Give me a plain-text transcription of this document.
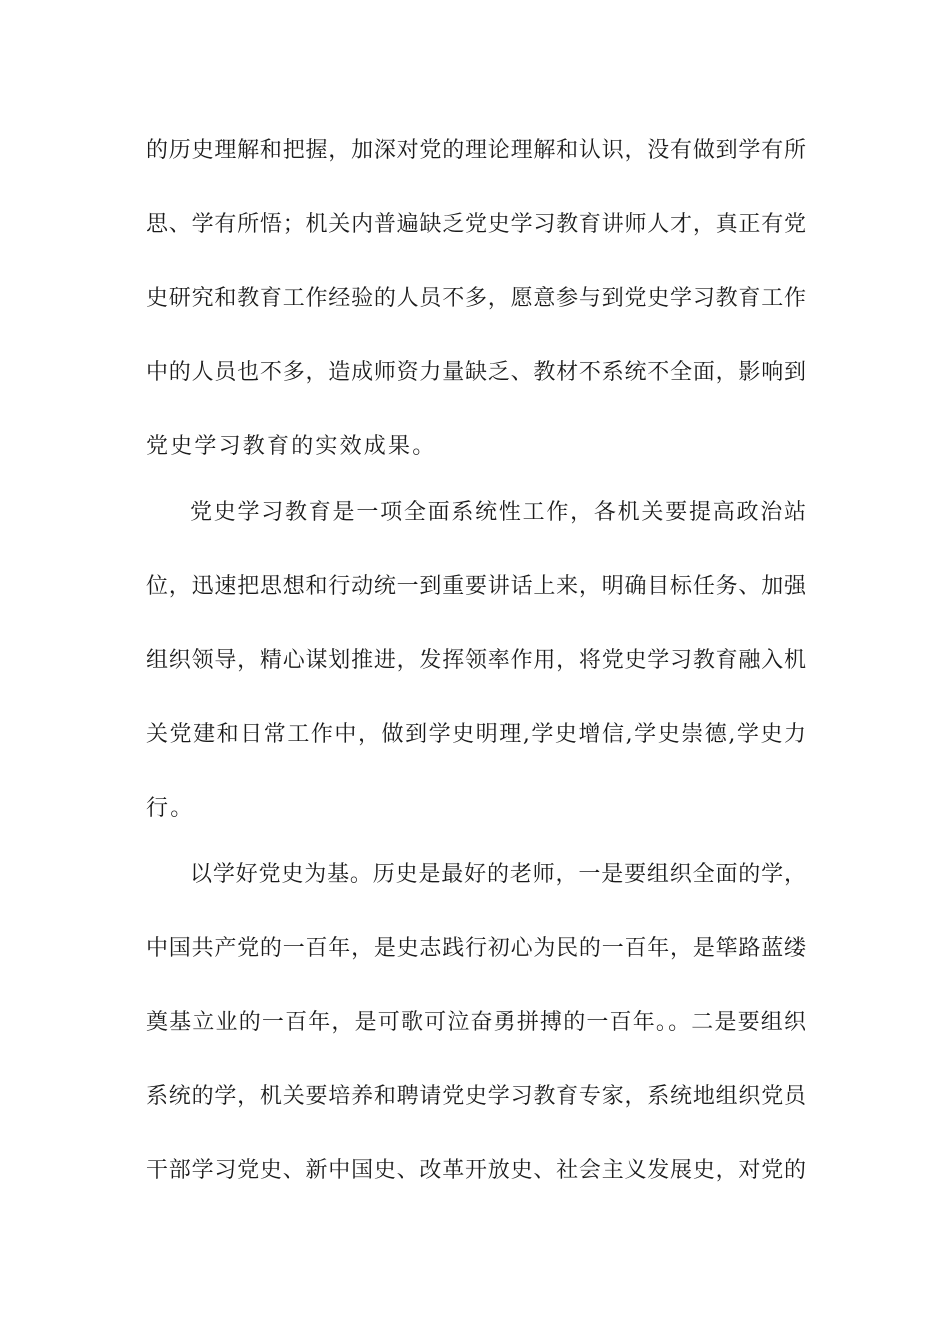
的历史理解和把握，加深对党的理论理解和认识，没有做到学有所
思、学有所悟；机关内普遍缺乏党史学习教育讲师人才，真正有党
史研究和教育工作经验的人员不多，愿意参与到党史学习教育工作
中的人员也不多，造成师资力量缺乏、教材不系统不全面，影响到
党史学习教育的实效成果。
党史学习教育是一项全面系统性工作，各机关要提高政治站
位，迅速把思想和行动统一到重要讲话上来，明确目标任务、加强
组织领导，精心谋划推进，发挥领率作用，将党史学习教育融入机
关党建和日常工作中，做到学史明理,学史增信,学史崇德,学史力
行。
以学好党史为基。历史是最好的老师，一是要组织全面的学，
中国共产党的一百年，是史志践行初心为民的一百年，是筚路蓝缕
奠基立业的一百年，是可歌可泣奋勇拼搏的一百年。。二是要组织
系统的学，机关要培养和聘请党史学习教育专家，系统地组织党员
干部学习党史、新中国史、改革开放史、社会主义发展史，对党的
